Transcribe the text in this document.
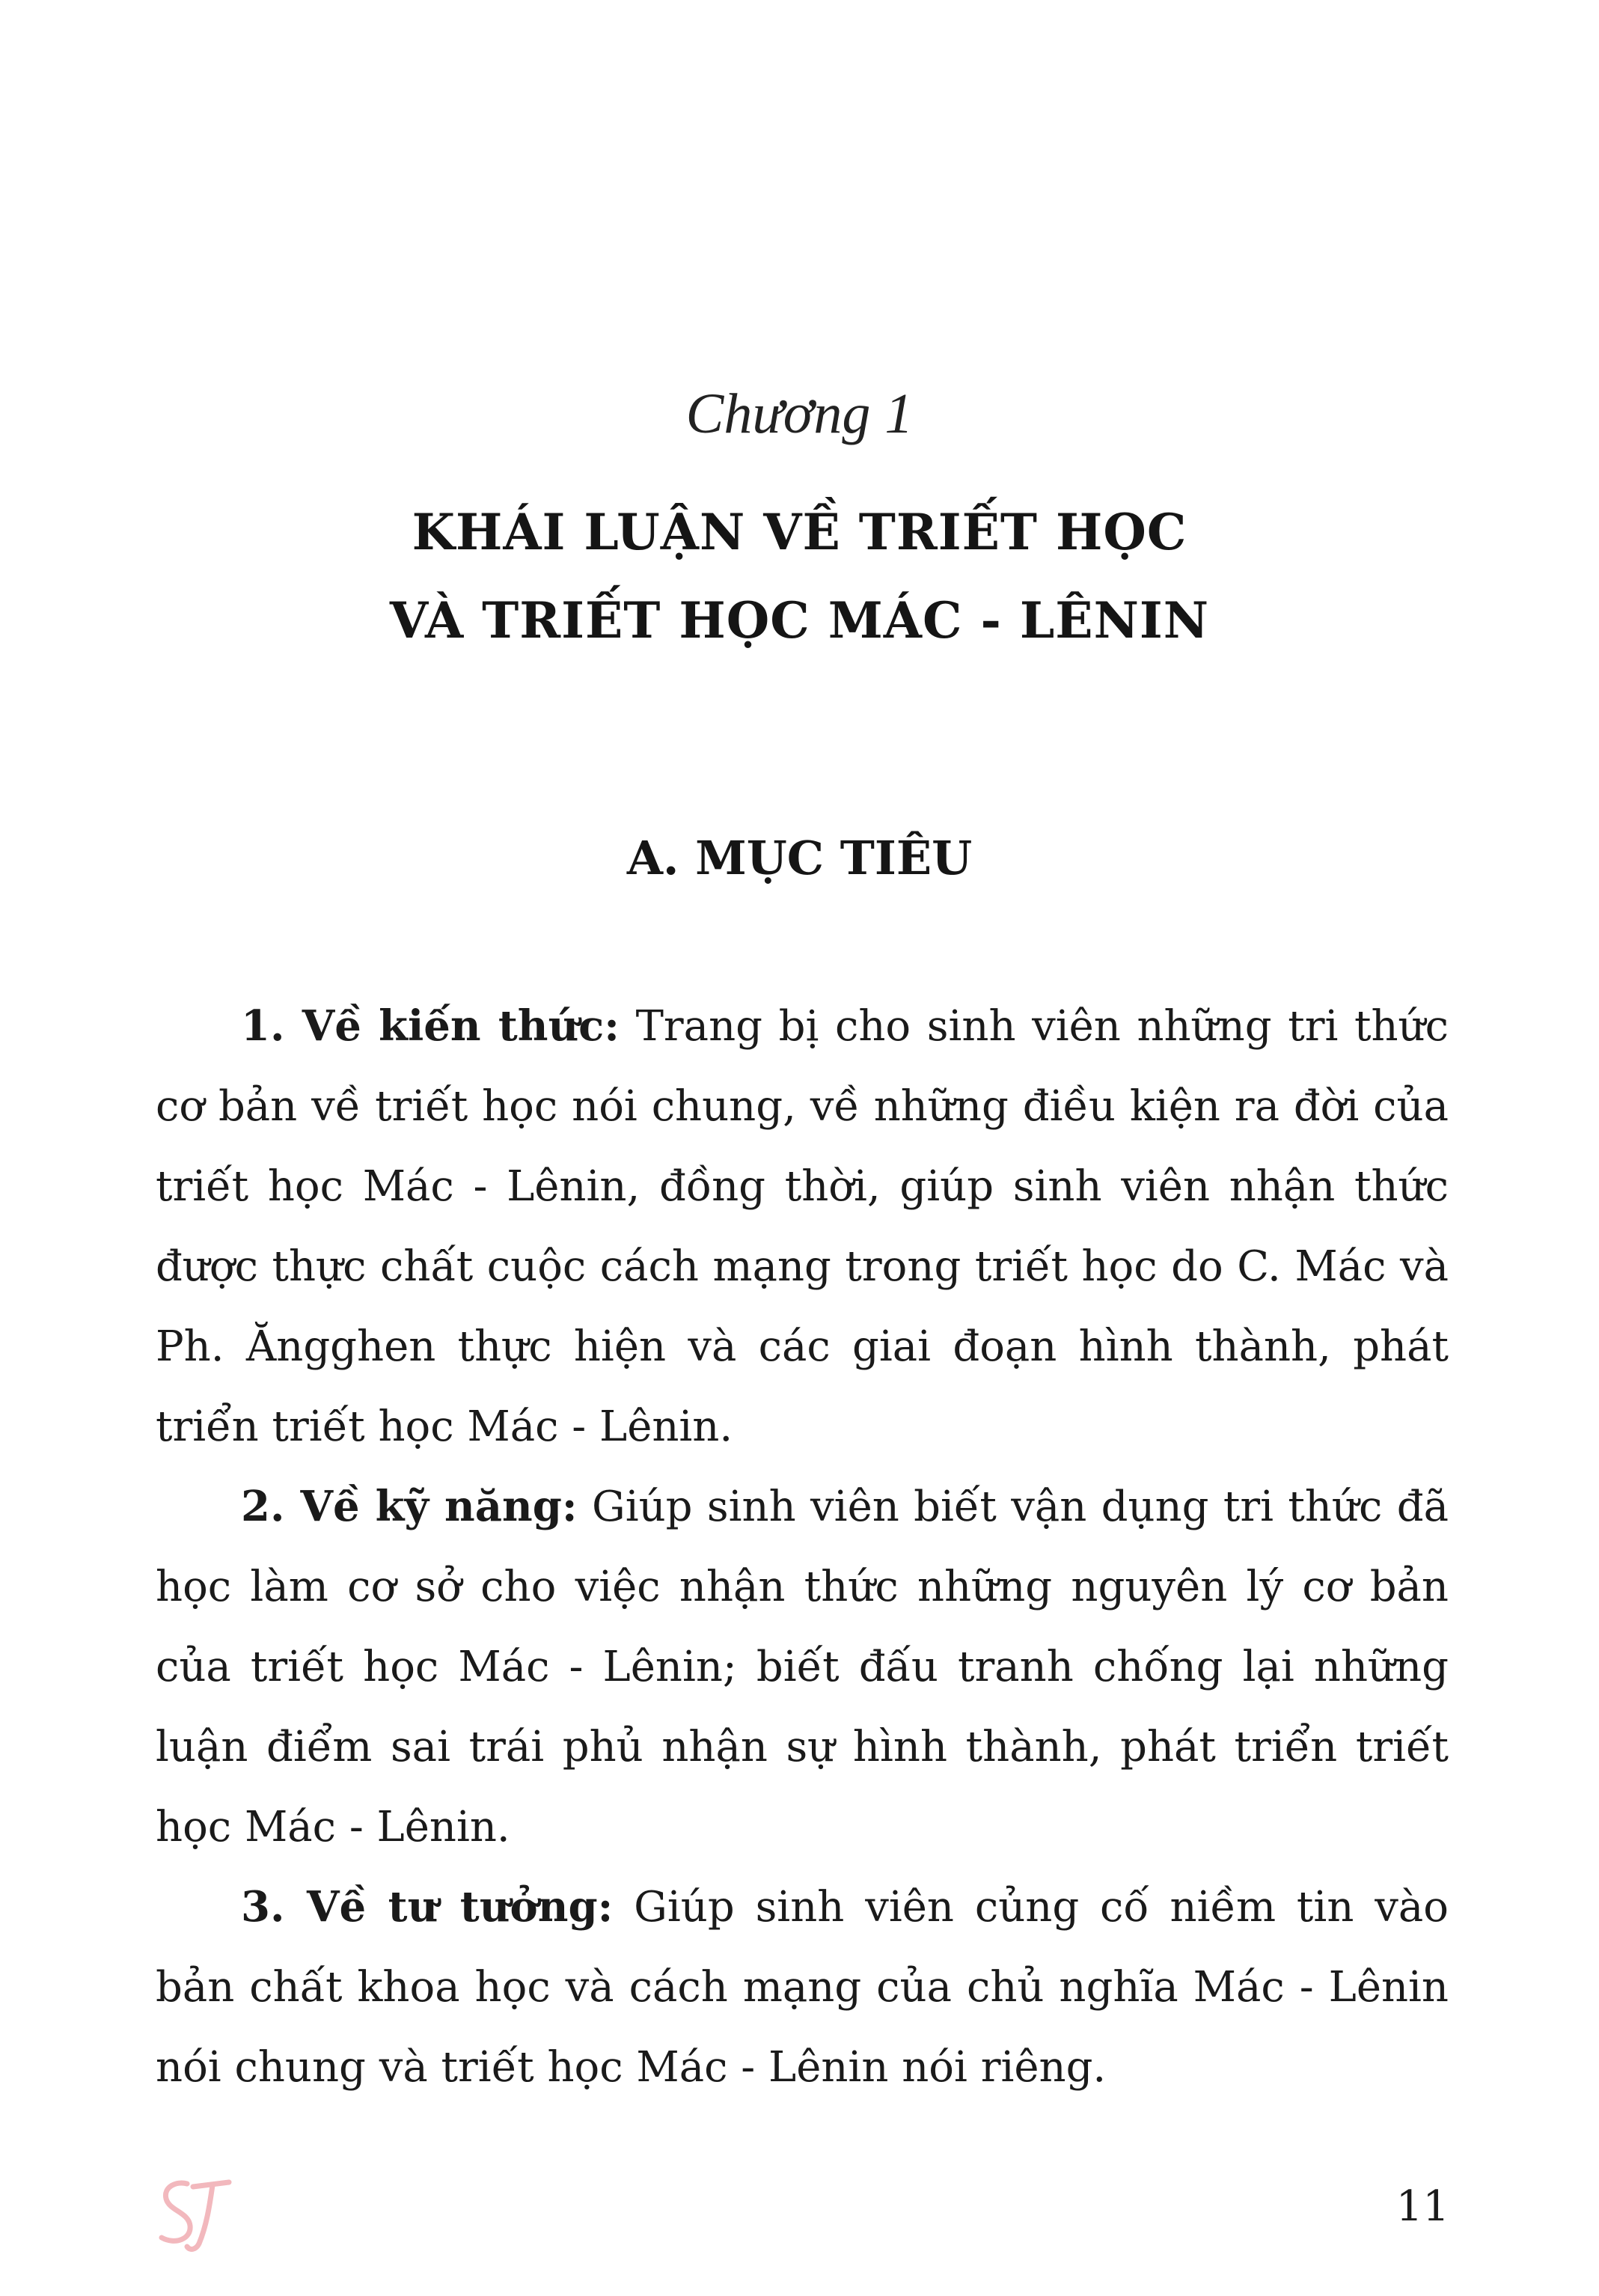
Chương 1
KHÁI LUẬN VỀ TRIẾT HỌC
VÀ TRIẾT HỌC MÁC - LÊNIN
A. MỤC TIÊU

1. Về kiến thức: Trang bị cho sinh viên những tri thức cơ bản về triết học nói chung, về những điều kiện ra đời của triết học Mác - Lênin, đồng thời, giúp sinh viên nhận thức được thực chất cuộc cách mạng trong triết học do C. Mác và Ph. Ăngghen thực hiện và các giai đoạn hình thành, phát triển triết học Mác - Lênin.

2. Về kỹ năng: Giúp sinh viên biết vận dụng tri thức đã học làm cơ sở cho việc nhận thức những nguyên lý cơ bản của triết học Mác - Lênin; biết đấu tranh chống lại những luận điểm sai trái phủ nhận sự hình thành, phát triển triết học Mác - Lênin.

3. Về tư tưởng: Giúp sinh viên củng cố niềm tin vào bản chất khoa học và cách mạng của chủ nghĩa Mác - Lênin nói chung và triết học Mác - Lênin nói riêng.

11
